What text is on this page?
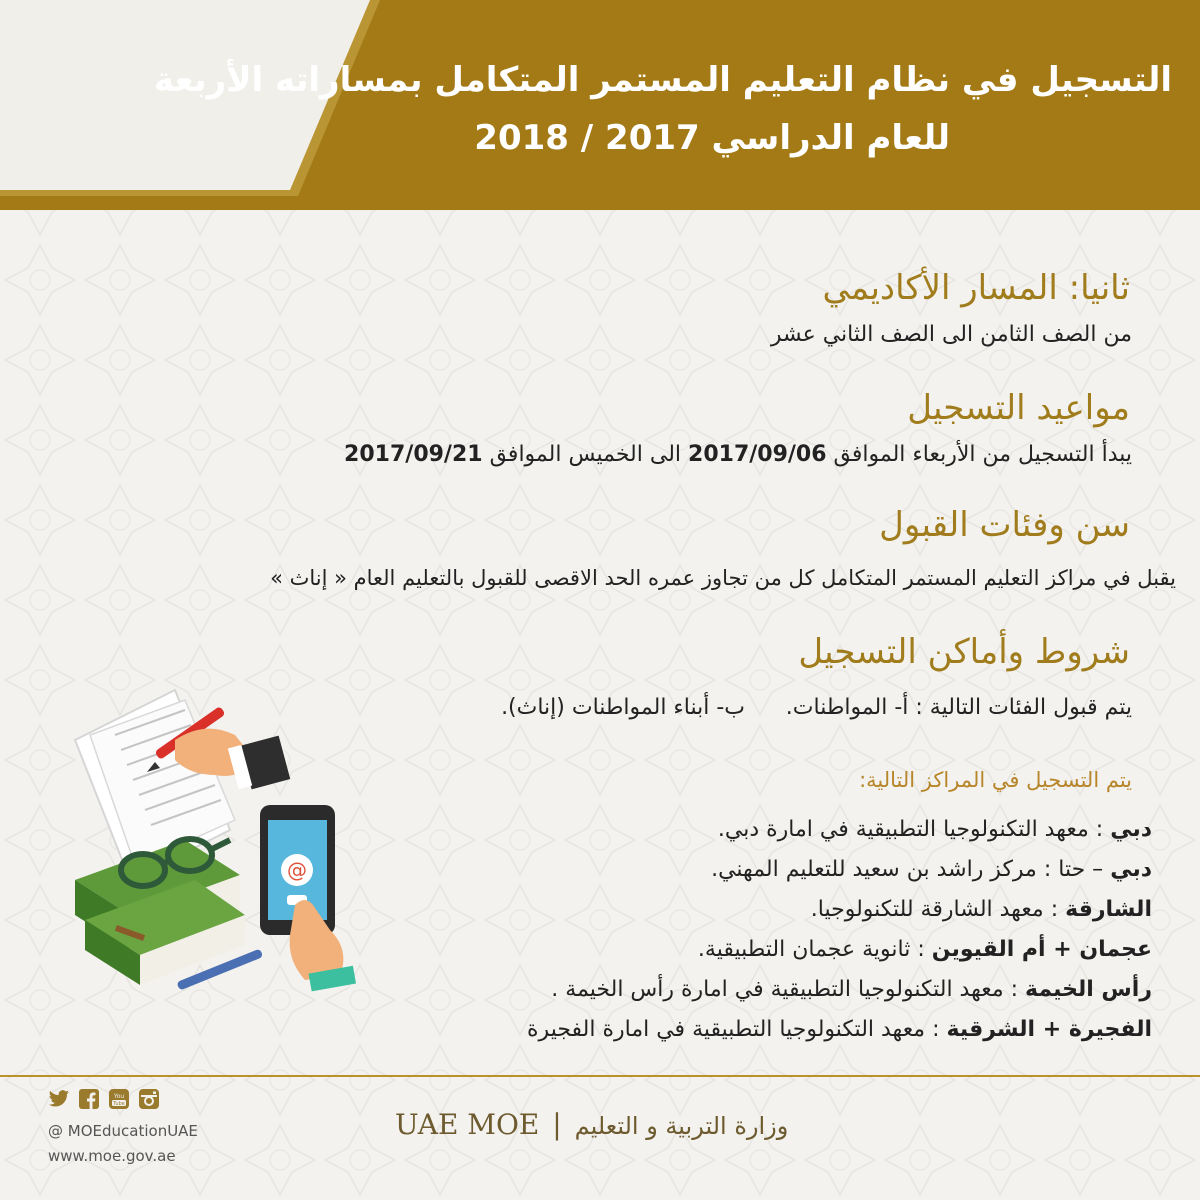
التسجيل في نظام التعليم المستمر المتكامل بمساراته الأربعة
للعام الدراسي 2017 / 2018
ثانيا: المسار الأكاديمي
من الصف الثامن الى الصف الثاني عشر
مواعيد التسجيل
يبدأ التسجيل من الأربعاء الموافق 2017/09/06 الى الخميس الموافق 2017/09/21
سن وفئات القبول
يقبل في مراكز التعليم المستمر المتكامل كل من تجاوز عمره الحد الاقصى للقبول بالتعليم العام « إناث »
شروط وأماكن التسجيل
يتم قبول الفئات التالية : أ- المواطنات.
ب- أبناء المواطنات (إناث).
يتم التسجيل في المراكز التالية:
دبي : معهد التكنولوجيا التطبيقية في امارة دبي.
دبي – حتا : مركز راشد بن سعيد للتعليم المهني.
الشارقة : معهد الشارقة للتكنولوجيا.
عجمان + أم القيوين : ثانوية عجمان التطبيقية.
رأس الخيمة : معهد التكنولوجيا التطبيقية في امارة رأس الخيمة .
الفجيرة + الشرقية : معهد التكنولوجيا التطبيقية في امارة الفجيرة
@
You
Tube
@ MOEducationUAE
www.moe.gov.ae
UAE MOE | وزارة التربية و التعليم
